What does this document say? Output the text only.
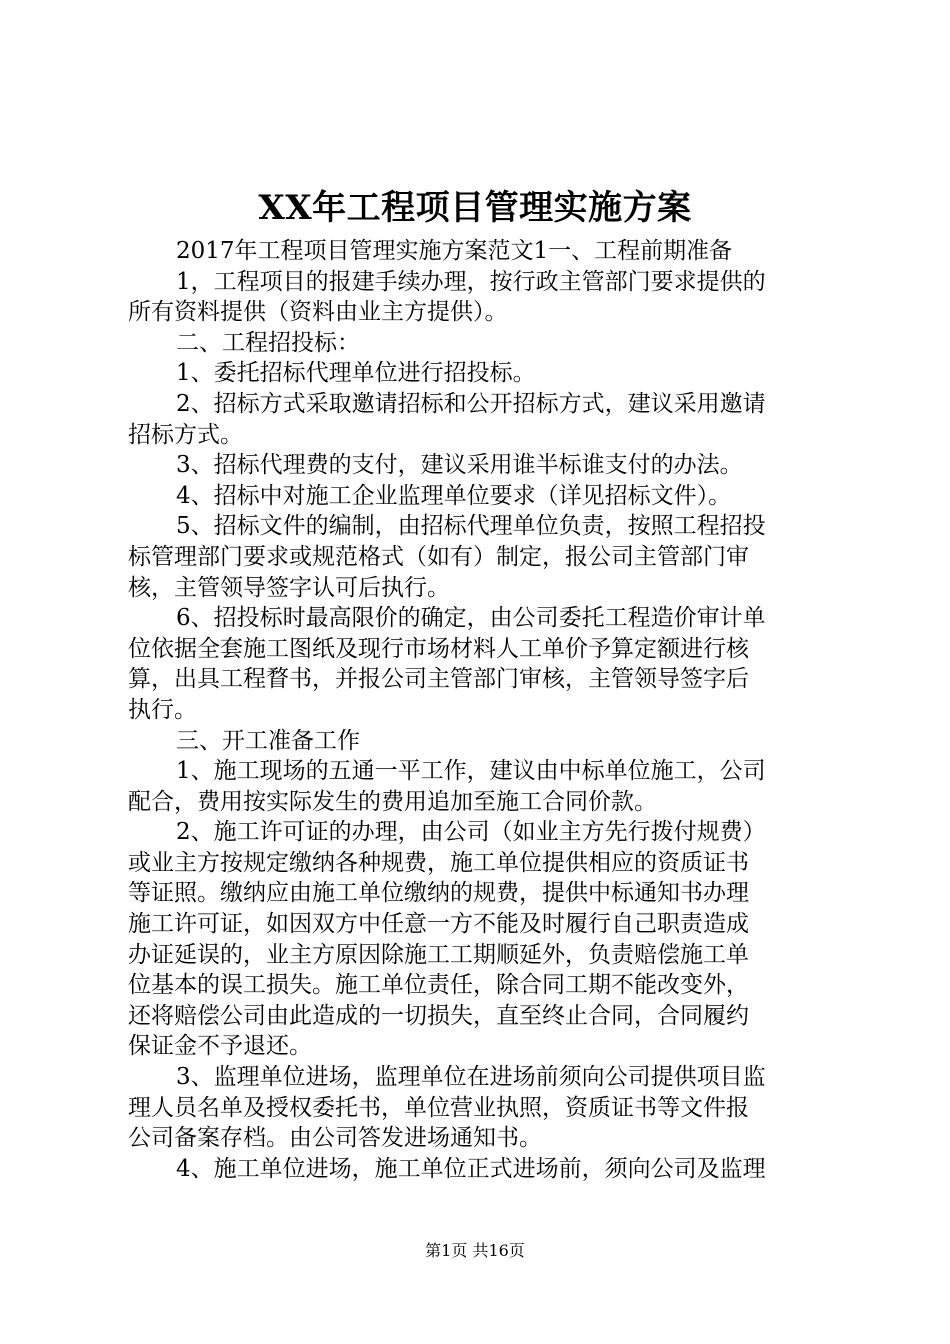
XX年工程项目管理实施方案
2017年工程项目管理实施方案范文1一、工程前期准备
1，工程项目的报建手续办理，按行政主管部门要求提供的
所有资料提供（资料由业主方提供）。
二、工程招投标：
1、委托招标代理单位进行招投标。
2、招标方式采取邀请招标和公开招标方式，建议采用邀请
招标方式。
3、招标代理费的支付，建议采用谁半标谁支付的办法。
4、招标中对施工企业监理单位要求（详见招标文件）。
5、招标文件的编制，由招标代理单位负责，按照工程招投
标管理部门要求或规范格式（如有）制定，报公司主管部门审
核，主管领导签字认可后执行。
6、招投标时最高限价的确定，由公司委托工程造价审计单
位依据全套施工图纸及现行市场材料人工单价予算定额进行核
算，出具工程瞀书，并报公司主管部门审核，主管领导签字后
执行。
三、开工准备工作
1、施工现场的五通一平工作，建议由中标单位施工，公司
配合，费用按实际发生的费用追加至施工合同价款。
2、施工许可证的办理，由公司（如业主方先行拨付规费）
或业主方按规定缴纳各种规费，施工单位提供相应的资质证书
等证照。缴纳应由施工单位缴纳的规费，提供中标通知书办理
施工许可证，如因双方中任意一方不能及时履行自己职责造成
办证延误的，业主方原因除施工工期顺延外，负责赔偿施工单
位基本的误工损失。施工单位责任，除合同工期不能改变外，
还将赔偿公司由此造成的一切损失，直至终止合同，合同履约
保证金不予退还。
3、监理单位进场，监理单位在进场前须向公司提供项目监
理人员名单及授权委托书，单位营业执照，资质证书等文件报
公司备案存档。由公司答发进场通知书。
4、施工单位进场，施工单位正式进场前，须向公司及监理
第1页 共16页
